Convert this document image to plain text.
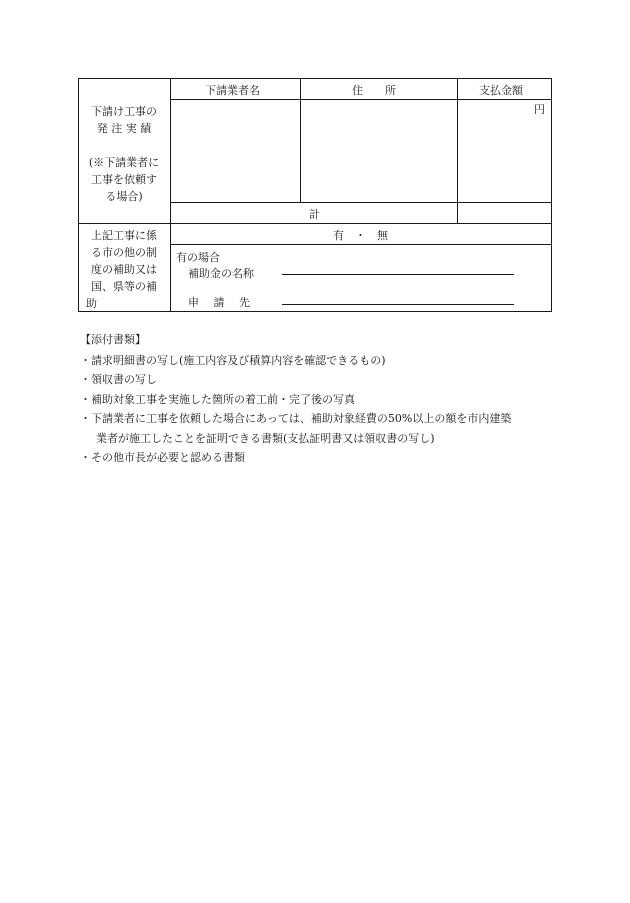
下請業者名	住　　所	支払金額
下請け工事の
発 注 実 績
(※下請業者に
工事を依頼す
る場合)
円
計
上記工事に係
る市の他の制
度の補助又は
国、県等の補
助
有　・　無
有の場合
補助金の名称
申　 請 　先
【添付書類】
・請求明細書の写し(施工内容及び積算内容を確認できるもの)
・領収書の写し
・補助対象工事を実施した箇所の着工前・完了後の写真
・下請業者に工事を依頼した場合にあっては、補助対象経費の50%以上の額を市内建築
業者が施工したことを証明できる書類(支払証明書又は領収書の写し)
・その他市長が必要と認める書類
